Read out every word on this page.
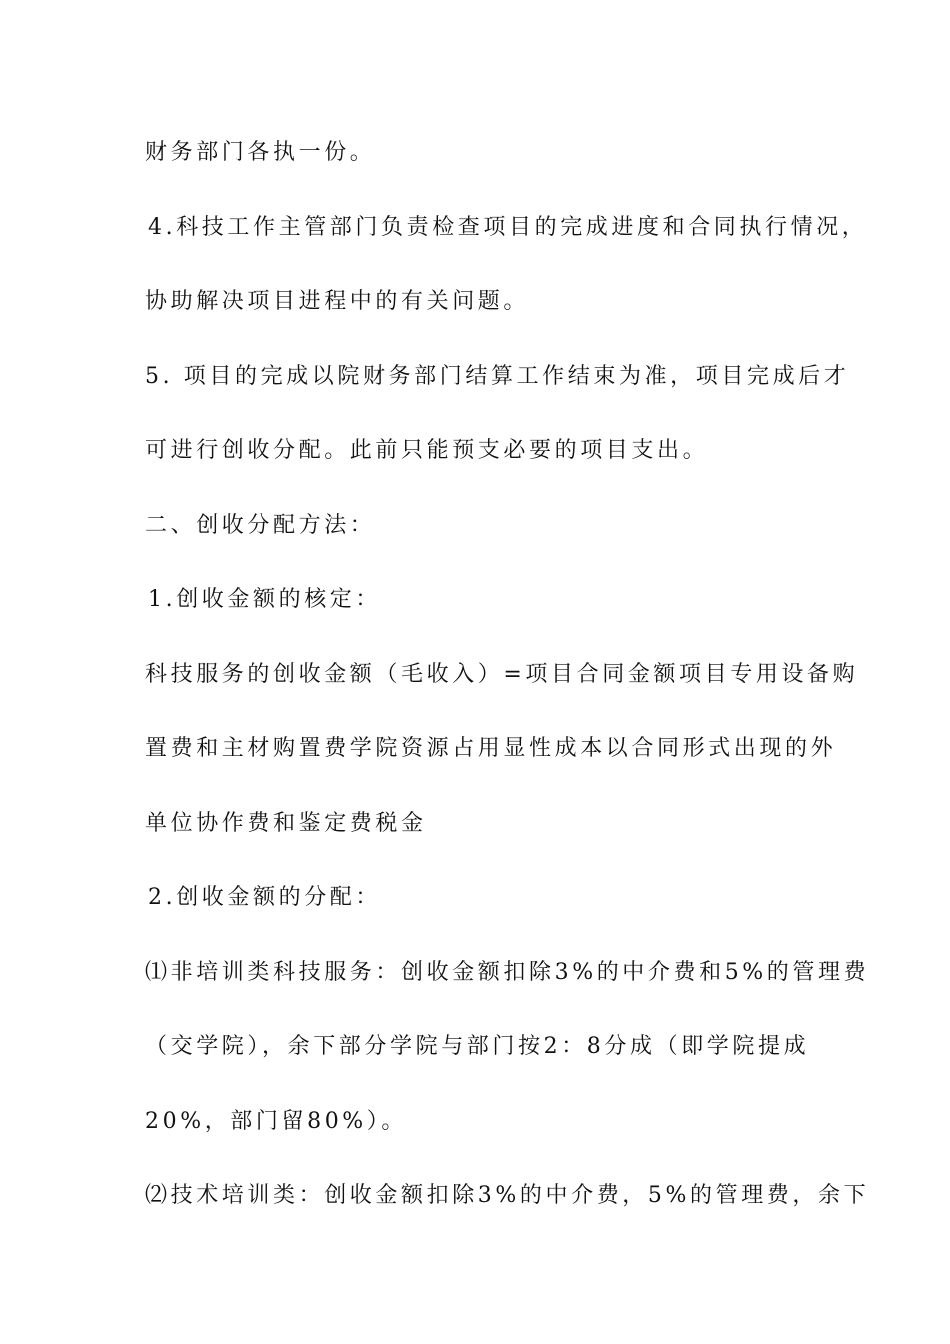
财务部门各执一份。
4.科技工作主管部门负责检查项目的完成进度和合同执行情况，
协助解决项目进程中的有关问题。
5. 项目的完成以院财务部门结算工作结束为准，项目完成后才
可进行创收分配。此前只能预支必要的项目支出。
二、创收分配方法：
1.创收金额的核定：
科技服务的创收金额（毛收入）=项目合同金额项目专用设备购
置费和主材购置费学院资源占用显性成本以合同形式出现的外
单位协作费和鉴定费税金
2.创收金额的分配：
⑴非培训类科技服务：创收金额扣除3%的中介费和5%的管理费
（交学院），余下部分学院与部门按2：8分成（即学院提成
20%，部门留80%）。
⑵技术培训类：创收金额扣除3%的中介费，5%的管理费，余下
